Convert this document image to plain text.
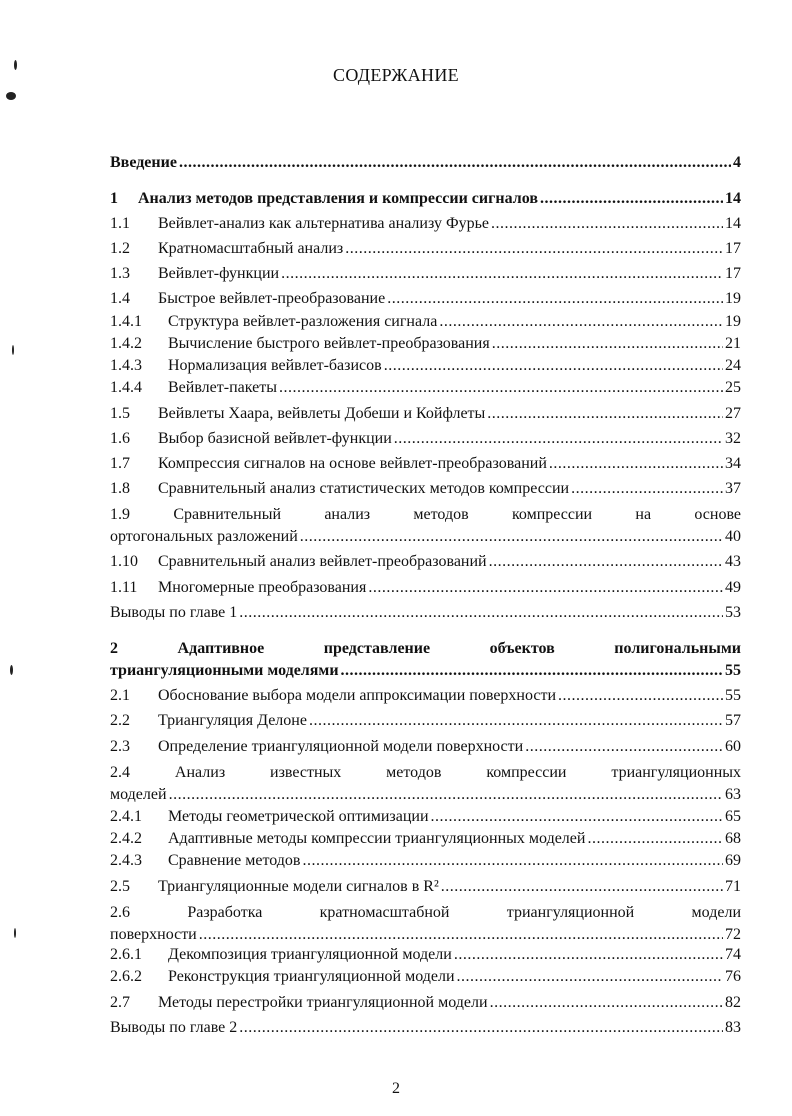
СОДЕРЖАНИЕ
Введение .....	4
1	Анализ методов представления и компрессии сигналов .....	14
1.1	Вейвлет-анализ как альтернатива анализу Фурье .....	14
1.2	Кратномасштабный анализ .....	17
1.3	Вейвлет-функции .....	17
1.4	Быстрое вейвлет-преобразование .....	19
1.4.1	Структура вейвлет-разложения сигнала .....	19
1.4.2	Вычисление быстрого вейвлет-преобразования .....	21
1.4.3	Нормализация вейвлет-базисов .....	24
1.4.4	Вейвлет-пакеты .....	25
1.5	Вейвлеты Хаара, вейвлеты Добеши и Койфлеты .....	27
1.6	Выбор базисной вейвлет-функции .....	32
1.7	Компрессия сигналов на основе вейвлет-преобразований .....	34
1.8	Сравнительный анализ статистических методов компрессии .....	37
1.9	Сравнительный анализ методов компрессии на основе
ортогональных разложений .....	40
1.10	Сравнительный анализ вейвлет-преобразований .....	43
1.11	Многомерные преобразования .....	49
Выводы по главе 1 .....	53
2	Адаптивное представление объектов полигональными
триангуляционными моделями .....	55
2.1	Обоснование выбора модели аппроксимации поверхности .....	55
2.2	Триангуляция Делоне .....	57
2.3	Определение триангуляционной модели поверхности .....	60
2.4	Анализ известных методов компрессии триангуляционных
моделей .....	63
2.4.1	Методы геометрической оптимизации .....	65
2.4.2	Адаптивные методы компрессии триангуляционных моделей .....	68
2.4.3	Сравнение методов .....	69
2.5	Триангуляционные модели сигналов в R² .....	71
2.6	Разработка кратномасштабной триангуляционной модели
поверхности .....	72
2.6.1	Декомпозиция триангуляционной модели .....	74
2.6.2	Реконструкция триангуляционной модели .....	76
2.7	Методы перестройки триангуляционной модели .....	82
Выводы по главе 2 .....	83
2
